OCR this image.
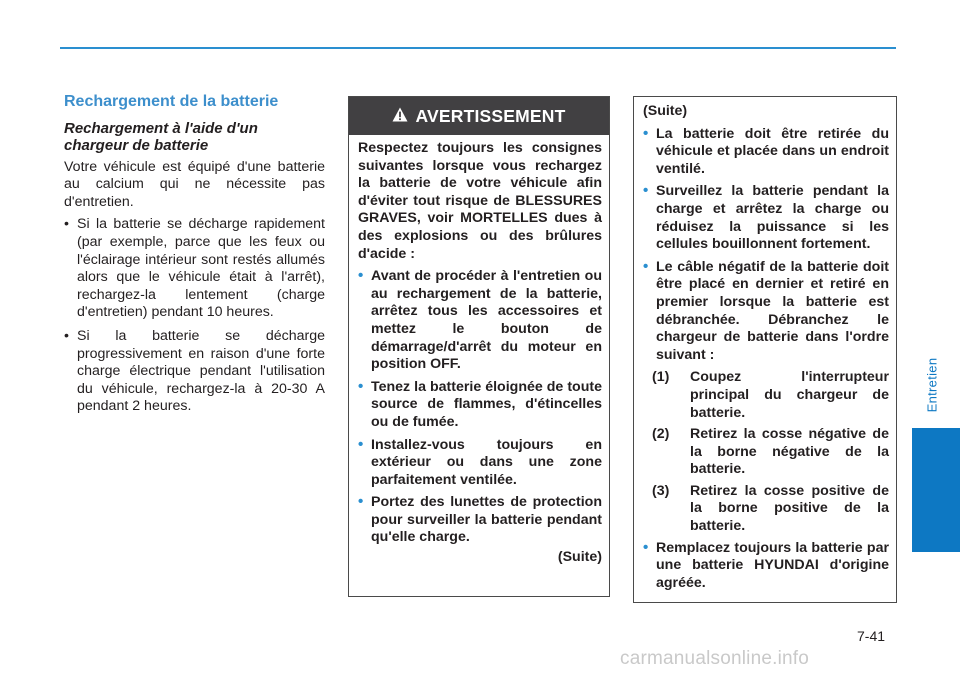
Entretien
Rechargement de la batterie
Rechargement à l'aide d'un chargeur de batterie
Votre véhicule est équipé d'une batterie au calcium qui ne nécessite pas d'entretien.
• Si la batterie se décharge rapidement (par exemple, parce que les feux ou l'éclairage intérieur sont restés allumés alors que le véhicule était à l'arrêt), rechargez-la lentement (charge d'entretien) pendant 10 heures.
• Si la batterie se décharge progressivement en raison d'une forte charge électrique pendant l'utilisation du véhicule, rechargez-la à 20-30 A pendant 2 heures.
AVERTISSEMENT
Respectez toujours les consignes suivantes lorsque vous rechargez la batterie de votre véhicule afin d'éviter tout risque de BLESSURES GRAVES, voir MORTELLES dues à des explosions ou des brûlures d'acide :
• Avant de procéder à l'entretien ou au rechargement de la batterie, arrêtez tous les accessoires et mettez le bouton de démarrage/d'arrêt du moteur en position OFF.
• Tenez la batterie éloignée de toute source de flammes, d'étincelles ou de fumée.
• Installez-vous toujours en extérieur ou dans une zone parfaitement ventilée.
• Portez des lunettes de protection pour surveiller la batterie pendant qu'elle charge.
(Suite)
(Suite)
• La batterie doit être retirée du véhicule et placée dans un endroit ventilé.
• Surveillez la batterie pendant la charge et arrêtez la charge ou réduisez la puissance si les cellules bouillonnent fortement.
• Le câble négatif de la batterie doit être placé en dernier et retiré en premier lorsque la batterie est débranchée. Débranchez le chargeur de batterie dans l'ordre suivant :
(1) Coupez l'interrupteur principal du chargeur de batterie.
(2) Retirez la cosse négative de la borne négative de la batterie.
(3) Retirez la cosse positive de la borne positive de la batterie.
• Remplacez toujours la batterie par une batterie HYUNDAI d'origine agréée.
7-41
carmanualsonline.info
